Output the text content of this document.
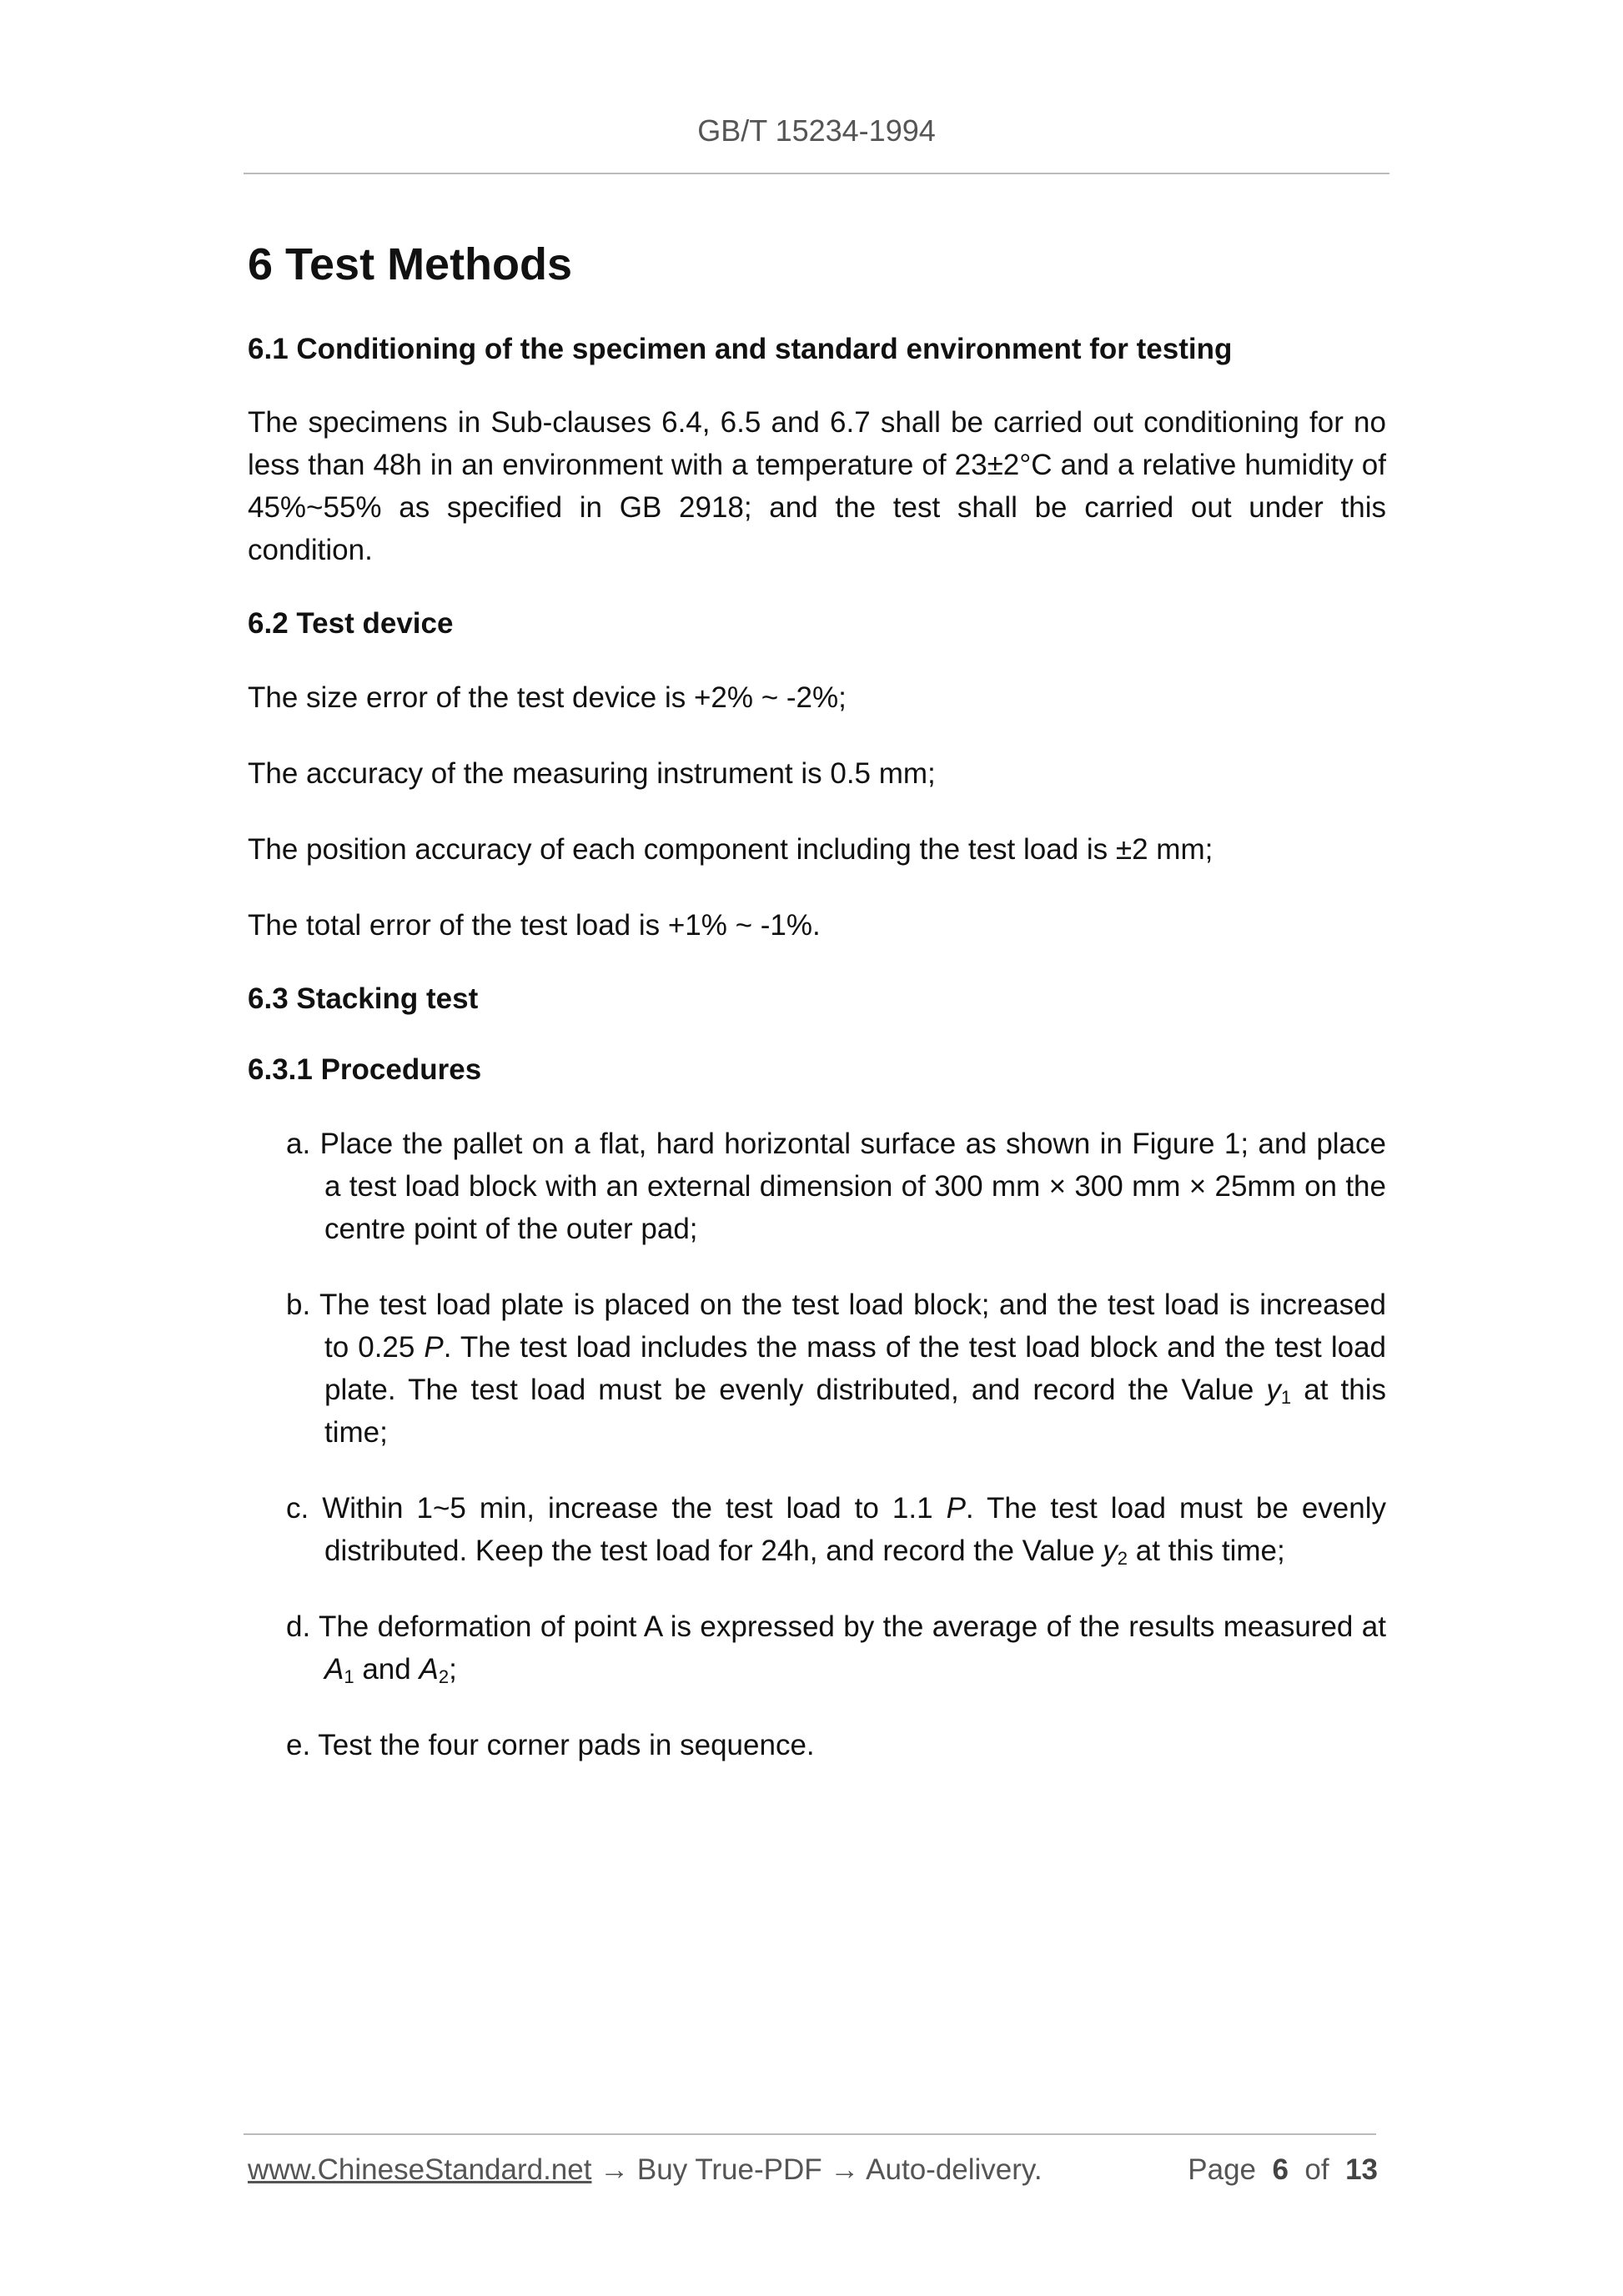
GB/T 15234-1994
6 Test Methods
6.1 Conditioning of the specimen and standard environment for testing

The specimens in Sub-clauses 6.4, 6.5 and 6.7 shall be carried out conditioning for no less than 48h in an environment with a temperature of 23±2°C and a relative humidity of 45%~55% as specified in GB 2918; and the test shall be carried out under this condition.

6.2 Test device

The size error of the test device is +2% ~ -2%;

The accuracy of the measuring instrument is 0.5 mm;

The position accuracy of each component including the test load is ±2 mm;

The total error of the test load is +1% ~ -1%.

6.3 Stacking test
6.3.1 Procedures
a. Place the pallet on a flat, hard horizontal surface as shown in Figure 1; and place a test load block with an external dimension of 300 mm × 300 mm × 25mm on the centre point of the outer pad;
b. The test load plate is placed on the test load block; and the test load is increased to 0.25 P. The test load includes the mass of the test load block and the test load plate. The test load must be evenly distributed, and record the Value $y_1$ at this time;
c. Within 1~5 min, increase the test load to 1.1 P. The test load must be evenly distributed. Keep the test load for 24h, and record the Value $y_2$ at this time;
d. The deformation of point A is expressed by the average of the results measured at $A_1$ and $A_2$;
e. Test the four corner pads in sequence.
www.ChineseStandard.net → Buy True-PDF → Auto-delivery.	Page 6 of 13
